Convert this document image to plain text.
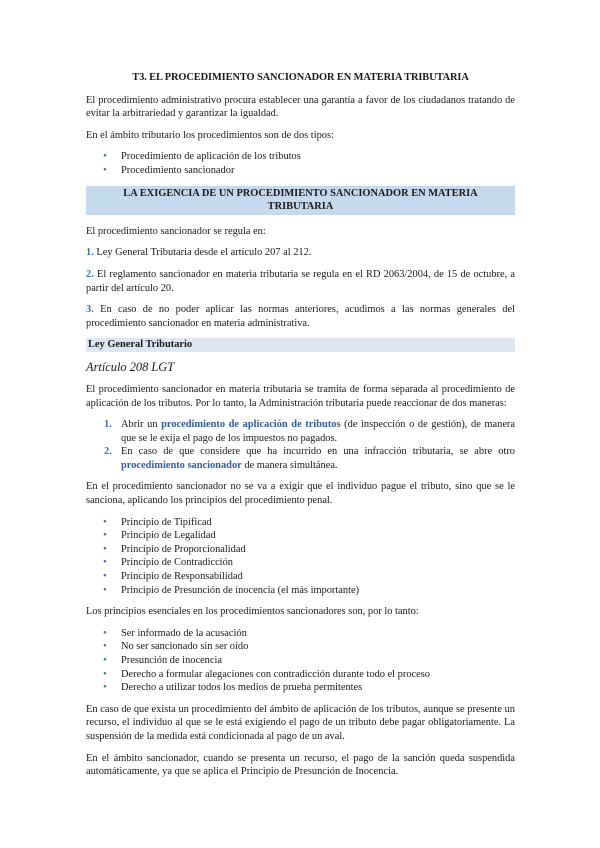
T3. EL PROCEDIMIENTO SANCIONADOR EN MATERIA TRIBUTARIA

El procedimiento administrativo procura establecer una garantía a favor de los ciudadanos tratando de evitar la arbitrariedad y garantizar la igualdad.

En el ámbito tributario los procedimientos son de dos tipos:

• Procedimiento de aplicación de los tributos
• Procedimiento sancionador
LA EXIGENCIA DE UN PROCEDIMIENTO SANCIONADOR EN MATERIA TRIBUTARIA

El procedimiento sancionador se regula en:

1. Ley General Tributaria desde el artículo 207 al 212.

2. El reglamento sancionador en materia tributaria se regula en el RD 2063/2004, de 15 de octubre, a partir del artículo 20.

3. En caso de no poder aplicar las normas anteriores, acudimos a las normas generales del procedimiento sancionador en materia administrativa.

Ley General Tributario

Artículo 208 LGT

El procedimiento sancionador en materia tributaria se tramita de forma separada al procedimiento de aplicación de los tributos. Por lo tanto, la Administración tributaria puede reaccionar de dos maneras:

1. Abrir un procedimiento de aplicación de tributos (de inspección o de gestión), de manera que se le exija el pago de los impuestos no pagados.
2. En caso de que considere que ha incurrido en una infracción tributaria, se abre otro procedimiento sancionador de manera simultánea.

En el procedimiento sancionador no se va a exigir que el individuo pague el tributo, sino que se le sanciona, aplicando los principios del procedimiento penal.

• Principio de Tipificad
• Principio de Legalidad
• Principio de Proporcionalidad
• Principio de Contradicción
• Principio de Responsabilidad
• Principio de Presunción de inocencia (el más importante)

Los principios esenciales en los procedimientos sancionadores son, por lo tanto:

• Ser informado de la acusación
• No ser sancionado sin ser oído
• Presunción de inocencia
• Derecho a formular alegaciones con contradicción durante todo el proceso
• Derecho a utilizar todos los medios de prueba permitentes

En caso de que exista un procedimiento del ámbito de aplicación de los tributos, aunque se presente un recurso, el individuo al que se le está exigiendo el pago de un tributo debe pagar obligatoriamente. La suspensión de la medida está condicionada al pago de un aval.

En el ámbito sancionador, cuando se presenta un recurso, el pago de la sanción queda suspendida automáticamente, ya que se aplica el Principio de Presunción de Inocencia.
